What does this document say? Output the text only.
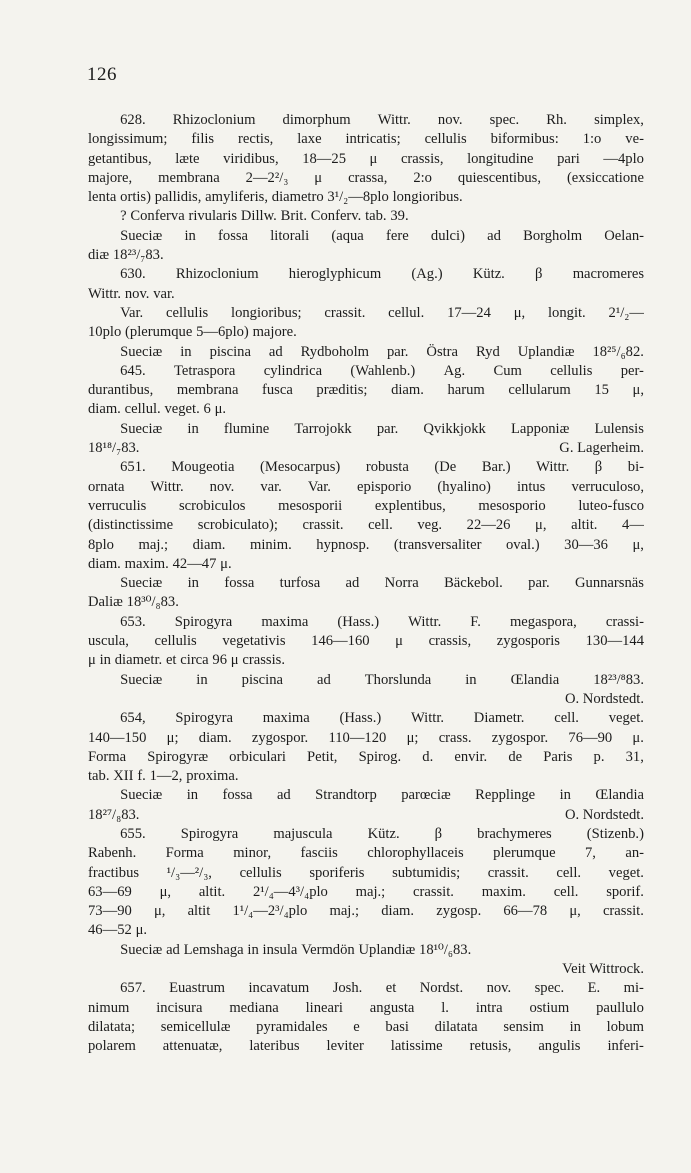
126
628. Rhizoclonium dimorphum Wittr. nov. spec. Rh. simplex,
longissimum; filis rectis, laxe intricatis; cellulis biformibus: 1:o ve-
getantibus, læte viridibus, 18—25 μ crassis, longitudine pari —4plo
majore, membrana 2—2²/₃ μ crassa, 2:o quiescentibus, (exsiccatione
lenta ortis) pallidis, amyliferis, diametro 3¹/₂—8plo longioribus.
? Conferva rivularis Dillw. Brit. Conferv. tab. 39.
Sueciæ in fossa litorali (aqua fere dulci) ad Borgholm Oelan-
diæ 18²³/₇83.
630. Rhizoclonium hieroglyphicum (Ag.) Kütz. β macromeres
Wittr. nov. var.
Var. cellulis longioribus; crassit. cellul. 17—24 μ, longit. 2¹/₂—
10plo (plerumque 5—6plo) majore.
Sueciæ in piscina ad Rydboholm par. Östra Ryd Uplandiæ 18²⁵/₆82.
645. Tetraspora cylindrica (Wahlenb.) Ag. Cum cellulis per-
durantibus, membrana fusca præditis; diam. harum cellularum 15 μ,
diam. cellul. veget. 6 μ.
Sueciæ in flumine Tarrojokk par. Qvikkjokk Lapponiæ Lulensis
18¹⁸/₇83.	G. Lagerheim.
651. Mougeotia (Mesocarpus) robusta (De Bar.) Wittr. β bi-
ornata Wittr. nov. var. Var. episporio (hyalino) intus verruculoso,
verruculis scrobiculos mesosporii explentibus, mesosporio luteo-fusco
(distinctissime scrobiculato); crassit. cell. veg. 22—26 μ, altit. 4—
8plo maj.; diam. minim. hypnosp. (transversaliter oval.) 30—36 μ,
diam. maxim. 42—47 μ.
Sueciæ in fossa turfosa ad Norra Bäckebol. par. Gunnarsnäs
Daliæ 18³⁰/₈83.
653. Spirogyra maxima (Hass.) Wittr. F. megaspora, crassi-
uscula, cellulis vegetativis 146—160 μ crassis, zygosporis 130—144
μ in diametr. et circa 96 μ crassis.
Sueciæ in piscina ad Thorslunda in Œlandia 18²³/⁸83.
O. Nordstedt.
654, Spirogyra maxima (Hass.) Wittr. Diametr. cell. veget.
140—150 μ; diam. zygospor. 110—120 μ; crass. zygospor. 76—90 μ.
Forma Spirogyræ orbiculari Petit, Spirog. d. envir. de Paris p. 31,
tab. XII f. 1—2, proxima.
Sueciæ in fossa ad Strandtorp parœciæ Repplinge in Œlandia
18²⁷/₈83.	O. Nordstedt.
655. Spirogyra majuscula Kütz. β brachymeres (Stizenb.)
Rabenh. Forma minor, fasciis chlorophyllaceis plerumque 7, an-
fractibus ¹/₃—²/₃, cellulis sporiferis subtumidis; crassit. cell. veget.
63—69 μ, altit. 2¹/₄—4³/₄plo maj.; crassit. maxim. cell. sporif.
73—90 μ, altit 1¹/₄—2³/₄plo maj.; diam. zygosp. 66—78 μ, crassit.
46—52 μ.
Sueciæ ad Lemshaga in insula Vermdön Uplandiæ 18¹⁰/₆83.
Veit Wittrock.
657. Euastrum incavatum Josh. et Nordst. nov. spec. E. mi-
nimum incisura mediana lineari angusta l. intra ostium paullulo
dilatata; semicellulæ pyramidales e basi dilatata sensim in lobum
polarem attenuatæ, lateribus leviter latissime retusis, angulis inferi-
